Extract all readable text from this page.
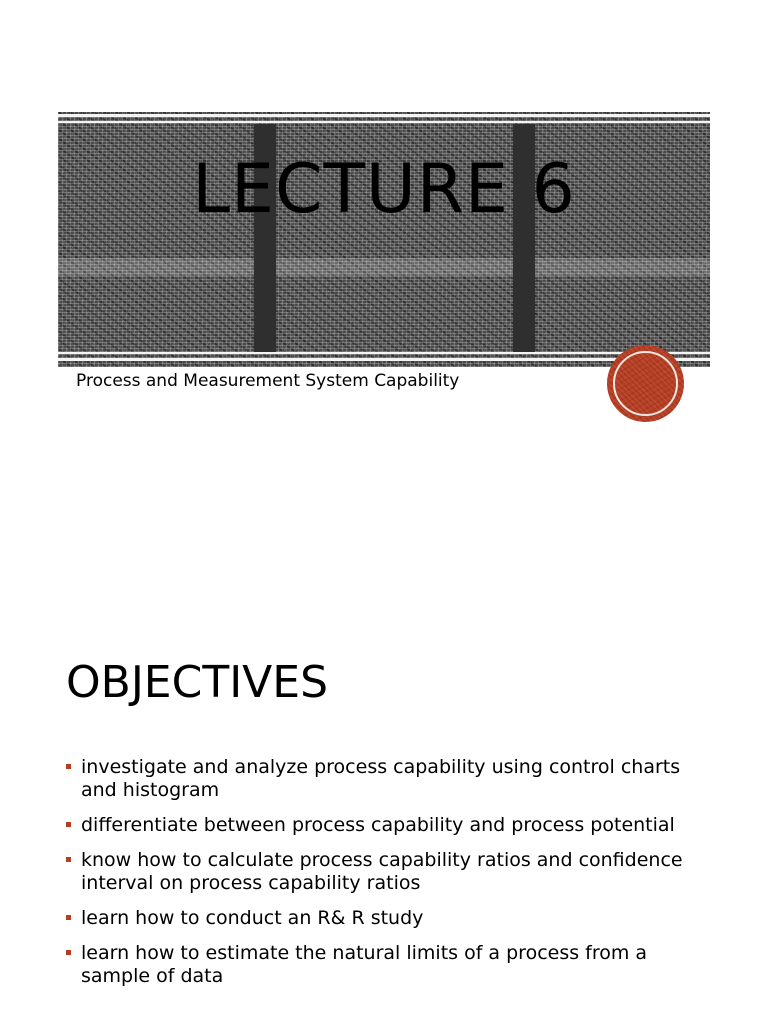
LECTURE 6

Process and Measurement System Capability

OBJECTIVES
investigate and analyze process capability using control charts and histogram
differentiate between process capability and process potential
know how to calculate process capability ratios and confidence interval on process capability ratios
learn how to conduct an R& R study
learn how to estimate the natural limits of a process from a sample of data
